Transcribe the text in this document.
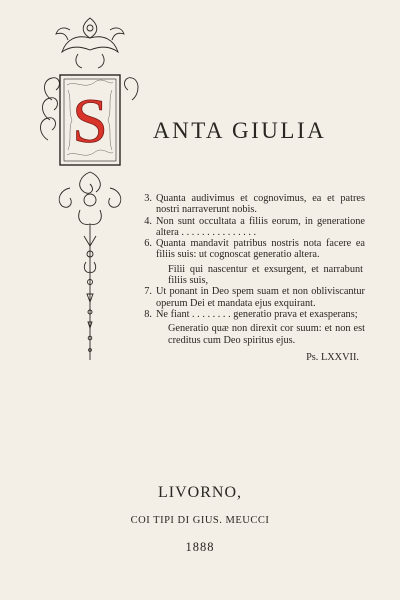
S ANTA GIULIA
3. Quanta audivimus et cognovimus, ea et patres nostri narraverunt nobis.
4. Non sunt occultata a filiis eorum, in generatione altera . . . . . . . . . . . . . . .
6. Quanta mandavit patribus nostris nota facere ea filiis suis: ut cognoscat generatio altera.
Filii qui nascentur et exsurgent, et narrabunt filiis suis,
7. Ut ponant in Deo spem suam et non obliviscantur operum Dei et mandata ejus exquirant.
8. Ne fiant . . . . . . . . generatio prava et exasperans;
Generatio quæ non direxit cor suum: et non est creditus cum Deo spiritus ejus.
Ps. LXXVII.
LIVORNO,
COI TIPI DI GIUS. MEUCCI
1888
